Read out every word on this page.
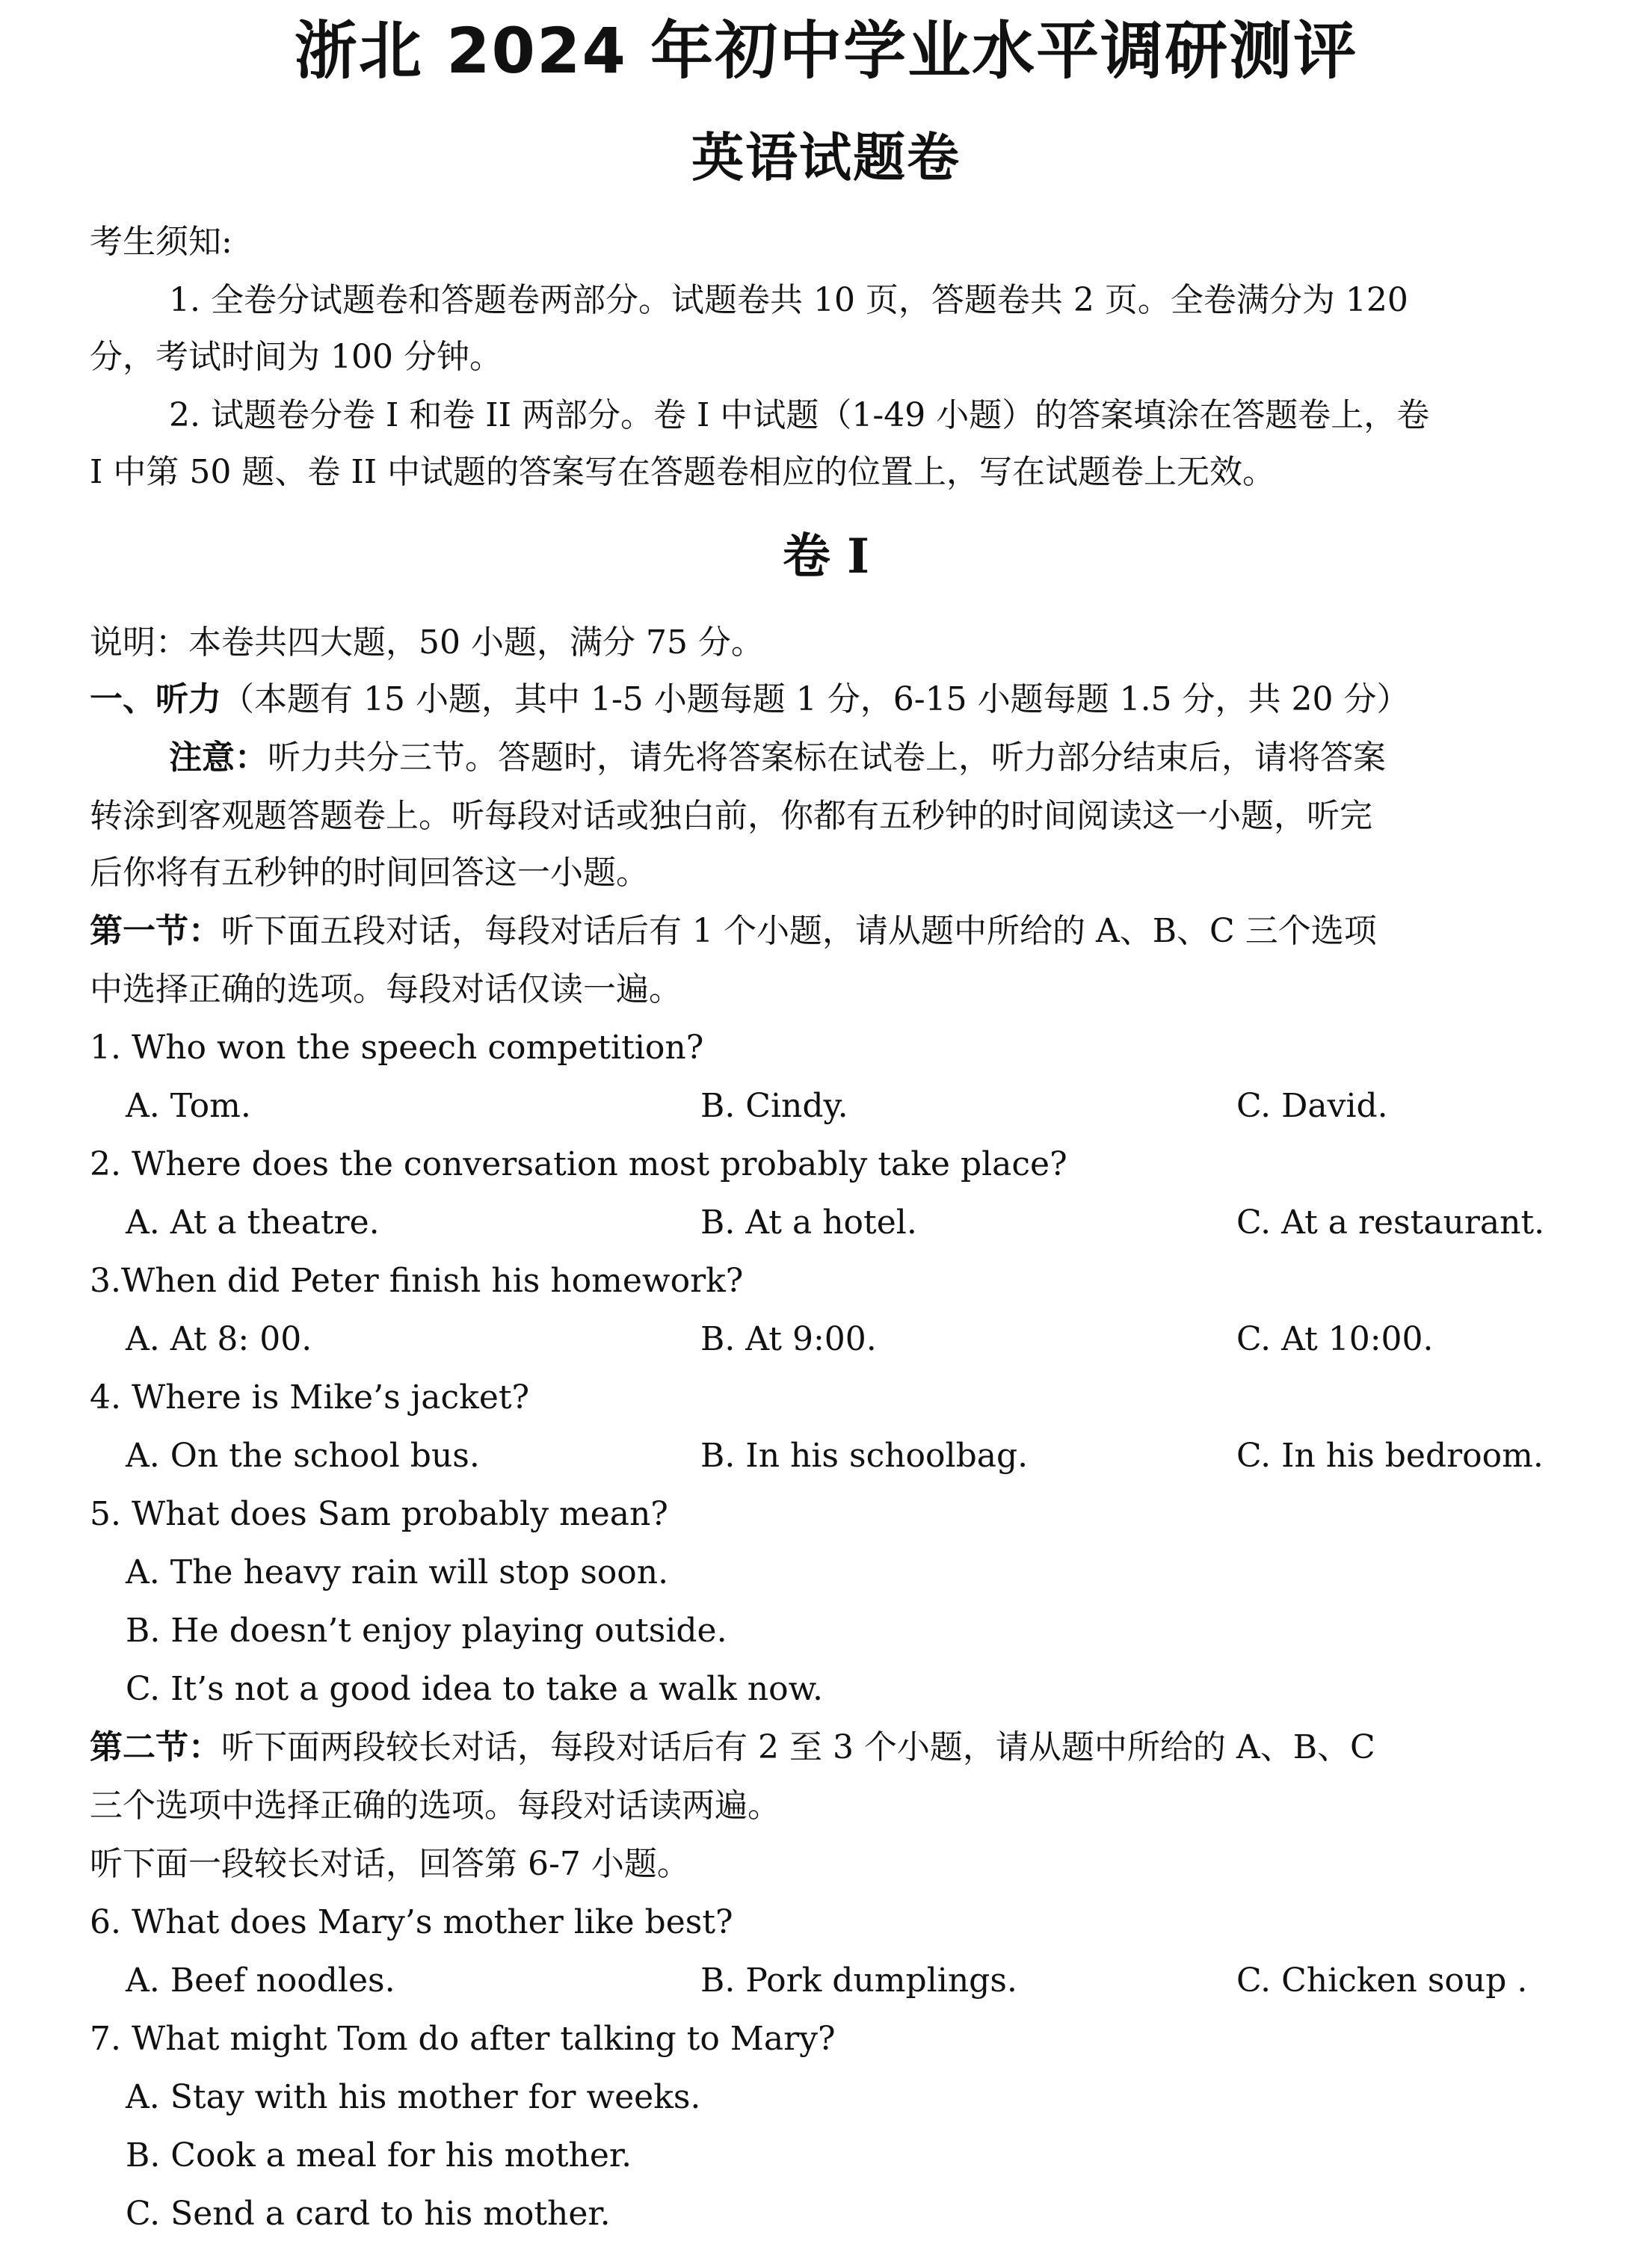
浙北 2024 年初中学业水平调研测评
英语试题卷
考生须知:
1. 全卷分试题卷和答题卷两部分。试题卷共 10 页，答题卷共 2 页。全卷满分为 120
分，考试时间为 100 分钟。
2. 试题卷分卷 I 和卷 II 两部分。卷 I 中试题（1-49 小题）的答案填涂在答题卷上，卷
I 中第 50 题、卷 II 中试题的答案写在答题卷相应的位置上，写在试题卷上无效。
卷 I
说明：本卷共四大题，50 小题，满分 75 分。
一、听力（本题有 15 小题，其中 1-5 小题每题 1 分，6-15 小题每题 1.5 分，共 20 分）
注意：听力共分三节。答题时，请先将答案标在试卷上，听力部分结束后，请将答案
转涂到客观题答题卷上。听每段对话或独白前，你都有五秒钟的时间阅读这一小题，听完
后你将有五秒钟的时间回答这一小题。
第一节：听下面五段对话，每段对话后有 1 个小题，请从题中所给的 A、B、C 三个选项
中选择正确的选项。每段对话仅读一遍。
1. Who won the speech competition?
A. Tom.	B. Cindy.	C. David.
2. Where does the conversation most probably take place?
A. At a theatre.	B. At a hotel.	C. At a restaurant.
3.When did Peter finish his homework?
A. At 8: 00.	B. At 9:00.	C. At 10:00.
4. Where is Mike’s jacket?
A. On the school bus.	B. In his schoolbag.	C. In his bedroom.
5. What does Sam probably mean?
A. The heavy rain will stop soon.
B. He doesn’t enjoy playing outside.
C. It’s not a good idea to take a walk now.
第二节：听下面两段较长对话，每段对话后有 2 至 3 个小题，请从题中所给的 A、B、C
三个选项中选择正确的选项。每段对话读两遍。
听下面一段较长对话，回答第 6-7 小题。
6. What does Mary’s mother like best?
A. Beef noodles.	B. Pork dumplings.	C. Chicken soup .
7. What might Tom do after talking to Mary?
A. Stay with his mother for weeks.
B. Cook a meal for his mother.
C. Send a card to his mother.
